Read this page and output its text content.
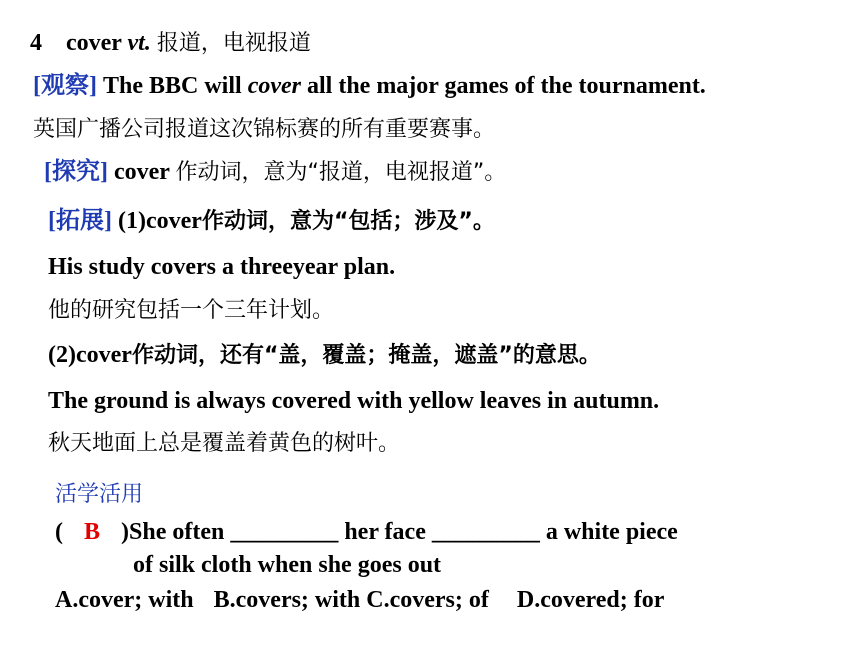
4 cover vt. 报道，电视报道
[观察] The BBC will cover all the major games of the tournament.
英国广播公司报道这次锦标赛的所有重要赛事。
[探究] cover 作动词，意为“报道，电视报道”。
[拓展] (1)cover作动词，意为“包括；涉及”。
His study covers a threeyear plan.
他的研究包括一个三年计划。
(2)cover作动词，还有“盖，覆盖；掩盖，遮盖”的意思。
The ground is always covered with yellow leaves in autumn.
秋天地面上总是覆盖着黄色的树叶。
活学活用
( B )She often _________ her face _________ a white piece
of silk cloth when she goes out
A.cover; with B.covers; with C.covers; of D.covered; for
